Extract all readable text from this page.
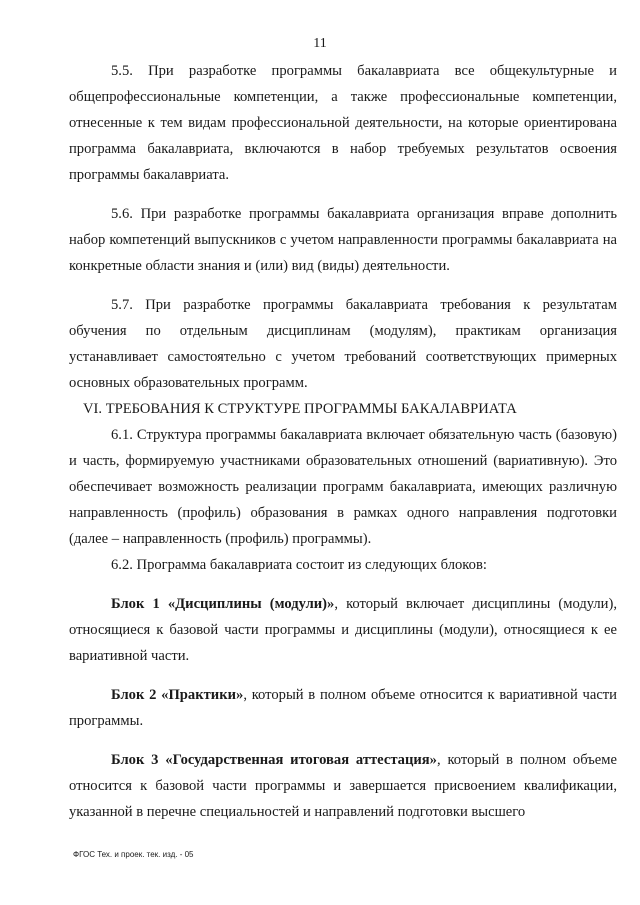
11

5.5. При разработке программы бакалавриата все общекультурные и общепрофессиональные компетенции, а также профессиональные компетенции, отнесенные к тем видам профессиональной деятельности, на которые ориентирована программа бакалавриата, включаются в набор требуемых результатов освоения программы бакалавриата.

5.6. При разработке программы бакалавриата организация вправе дополнить набор компетенций выпускников с учетом направленности программы бакалавриата на конкретные области знания и (или) вид (виды) деятельности.

5.7. При разработке программы бакалавриата требования к результатам обучения по отдельным дисциплинам (модулям), практикам организация устанавливает самостоятельно с учетом требований соответствующих примерных основных образовательных программ.

VI. ТРЕБОВАНИЯ К СТРУКТУРЕ ПРОГРАММЫ БАКАЛАВРИАТА

6.1. Структура программы бакалавриата включает обязательную часть (базовую) и часть, формируемую участниками образовательных отношений (вариативную). Это обеспечивает возможность реализации программ бакалавриата, имеющих различную направленность (профиль) образования в рамках одного направления подготовки (далее – направленность (профиль) программы).

6.2. Программа бакалавриата состоит из следующих блоков:

Блок 1 «Дисциплины (модули)», который включает дисциплины (модули), относящиеся к базовой части программы и дисциплины (модули), относящиеся к ее вариативной части.

Блок 2 «Практики», который в полном объеме относится к вариативной части программы.

Блок 3 «Государственная итоговая аттестация», который в полном объеме относится к базовой части программы и завершается присвоением квалификации, указанной в перечне специальностей и направлений подготовки высшего

ФГОС Тех. и проек. тек. изд. - 05
